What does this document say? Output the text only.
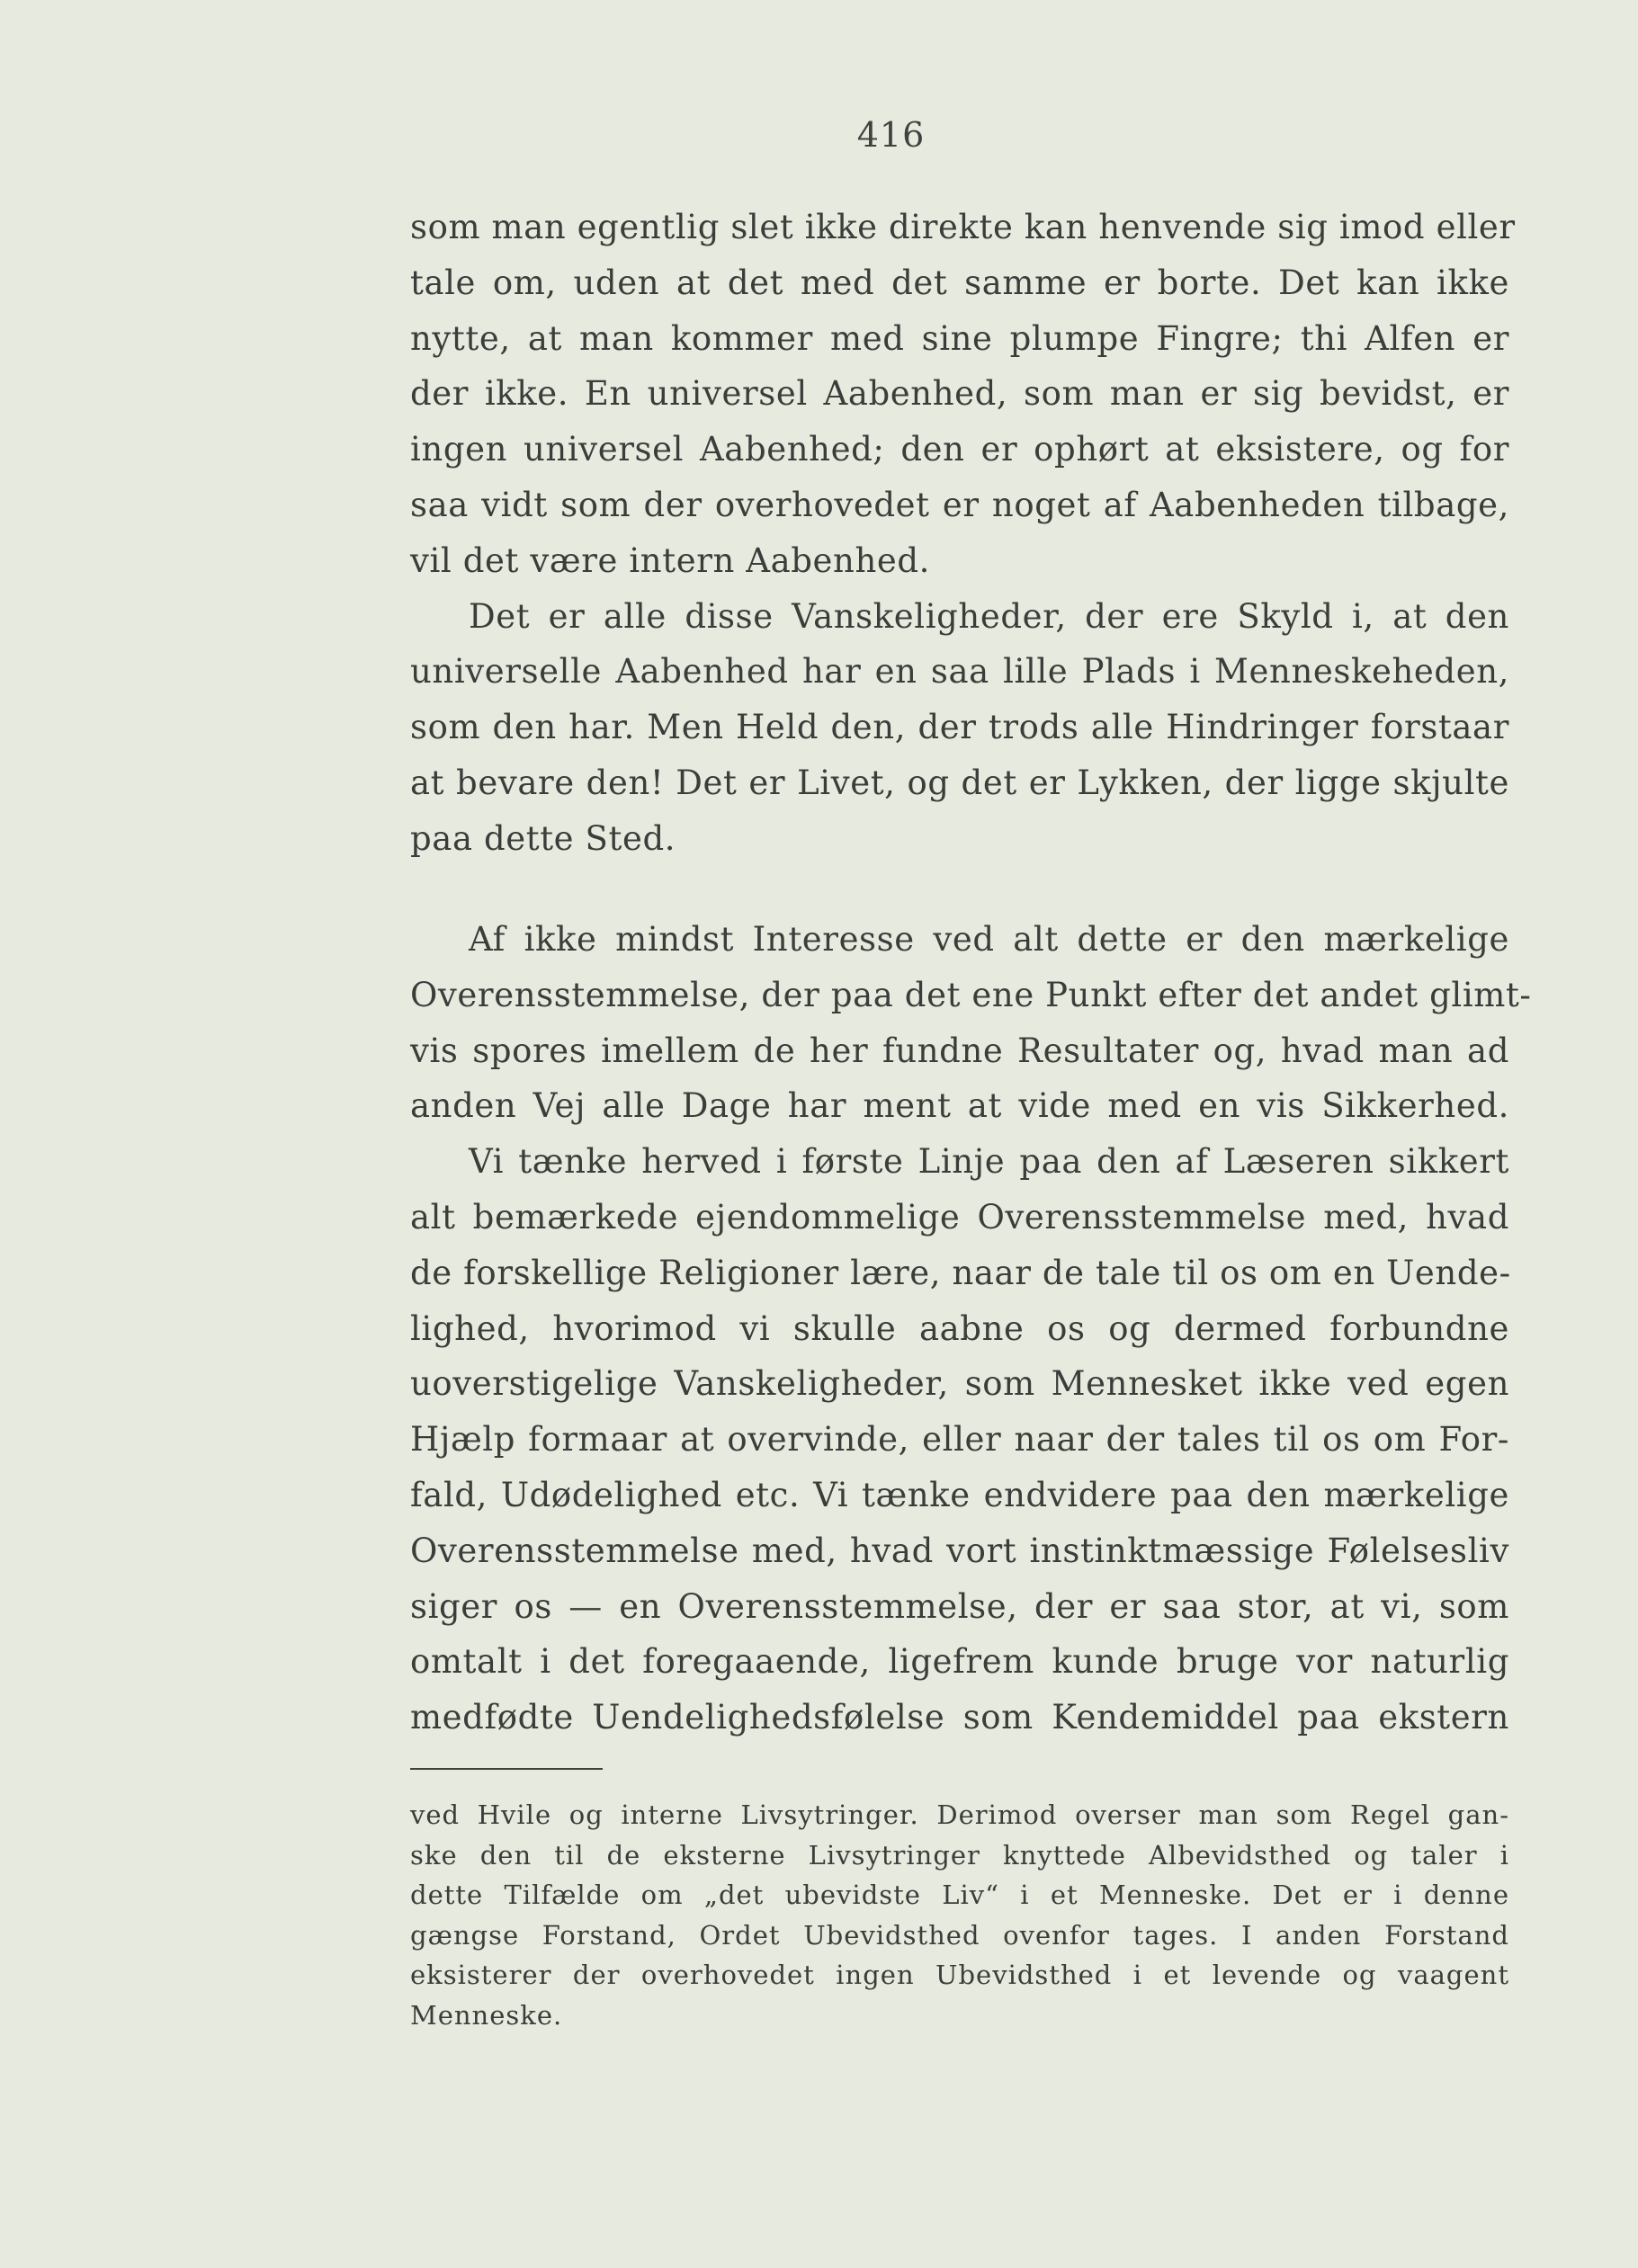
416
som man egentlig slet ikke direkte kan henvende sig imod eller
tale om, uden at det med det samme er borte. Det kan ikke
nytte, at man kommer med sine plumpe Fingre; thi Alfen er
der ikke. En universel Aabenhed, som man er sig bevidst, er
ingen universel Aabenhed; den er ophørt at eksistere, og for
saa vidt som der overhovedet er noget af Aabenheden tilbage,
vil det være intern Aabenhed.
Det er alle disse Vanskeligheder, der ere Skyld i, at den
universelle Aabenhed har en saa lille Plads i Menneskeheden,
som den har. Men Held den, der trods alle Hindringer forstaar
at bevare den! Det er Livet, og det er Lykken, der ligge skjulte
paa dette Sted.
Af ikke mindst Interesse ved alt dette er den mærkelige
Overensstemmelse, der paa det ene Punkt efter det andet glimt-
vis spores imellem de her fundne Resultater og, hvad man ad
anden Vej alle Dage har ment at vide med en vis Sikkerhed.
Vi tænke herved i første Linje paa den af Læseren sikkert
alt bemærkede ejendommelige Overensstemmelse med, hvad
de forskellige Religioner lære, naar de tale til os om en Uende-
lighed, hvorimod vi skulle aabne os og dermed forbundne
uoverstigelige Vanskeligheder, som Mennesket ikke ved egen
Hjælp formaar at overvinde, eller naar der tales til os om For-
fald, Udødelighed etc. Vi tænke endvidere paa den mærkelige
Overensstemmelse med, hvad vort instinktmæssige Følelsesliv
siger os — en Overensstemmelse, der er saa stor, at vi, som
omtalt i det foregaaende, ligefrem kunde bruge vor naturlig
medfødte Uendelighedsfølelse som Kendemiddel paa ekstern
ved Hvile og interne Livsytringer. Derimod overser man som Regel gan-
ske den til de eksterne Livsytringer knyttede Albevidsthed og taler i
dette Tilfælde om „det ubevidste Liv“ i et Menneske. Det er i denne
gængse Forstand, Ordet Ubevidsthed ovenfor tages. I anden Forstand
eksisterer der overhovedet ingen Ubevidsthed i et levende og vaagent
Menneske.
